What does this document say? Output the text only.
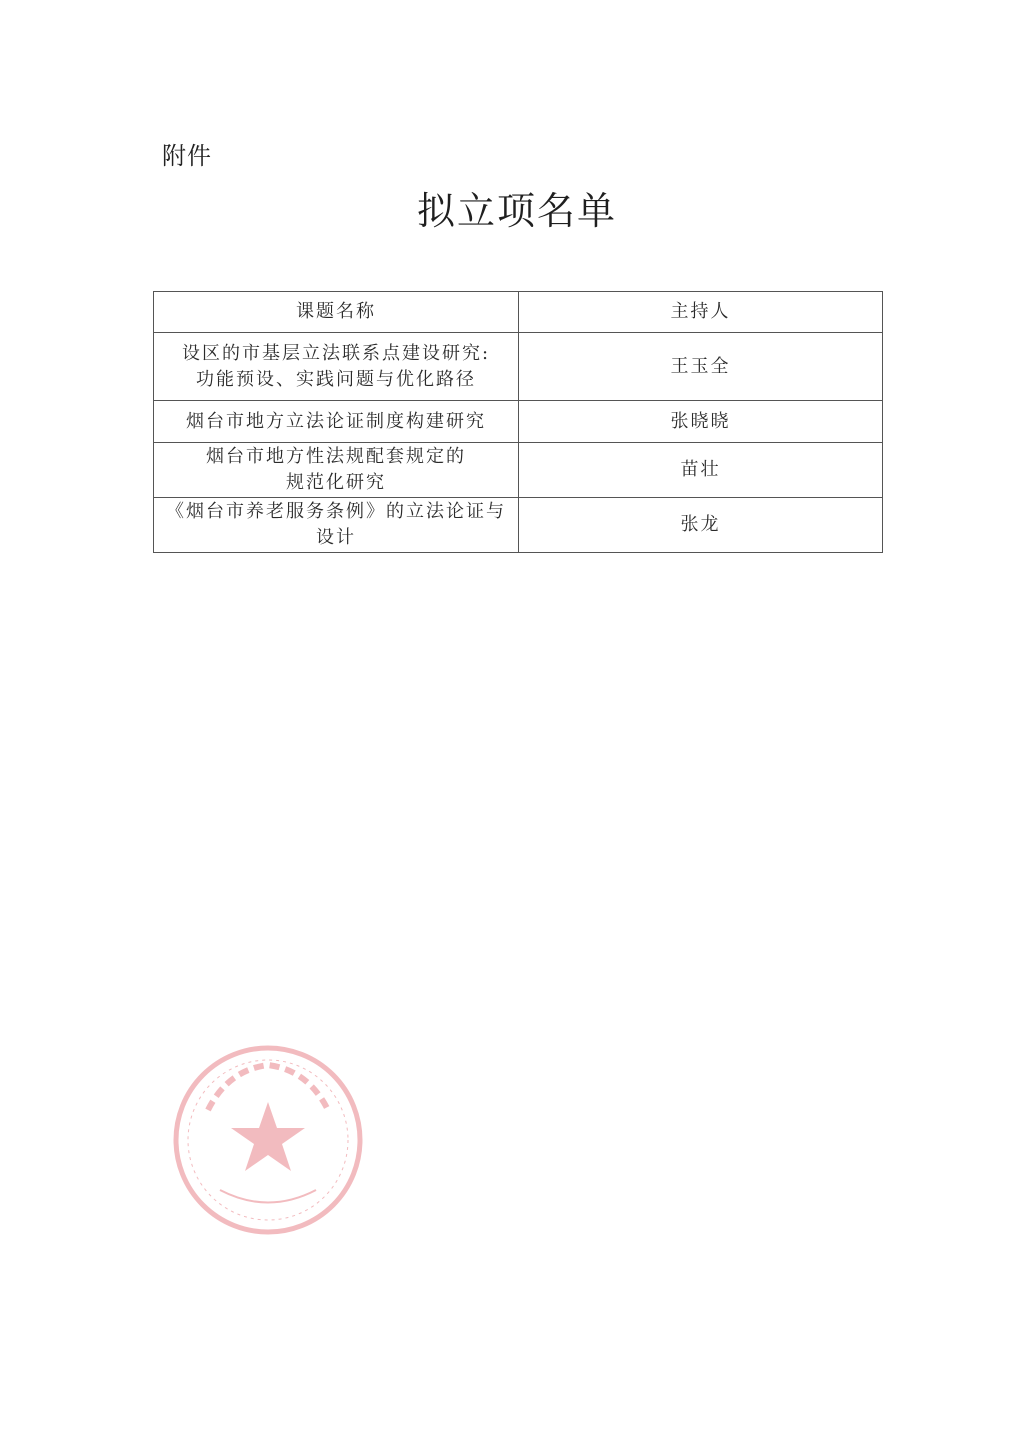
附件
拟立项名单
课题名称	主持人

设区的市基层立法联系点建设研究:
功能预设、实践问题与优化路径	王玉全

烟台市地方立法论证制度构建研究	张晓晓

烟台市地方性法规配套规定的
规范化研究	苗壮

《烟台市养老服务条例》的立法论证与
设计	张龙
